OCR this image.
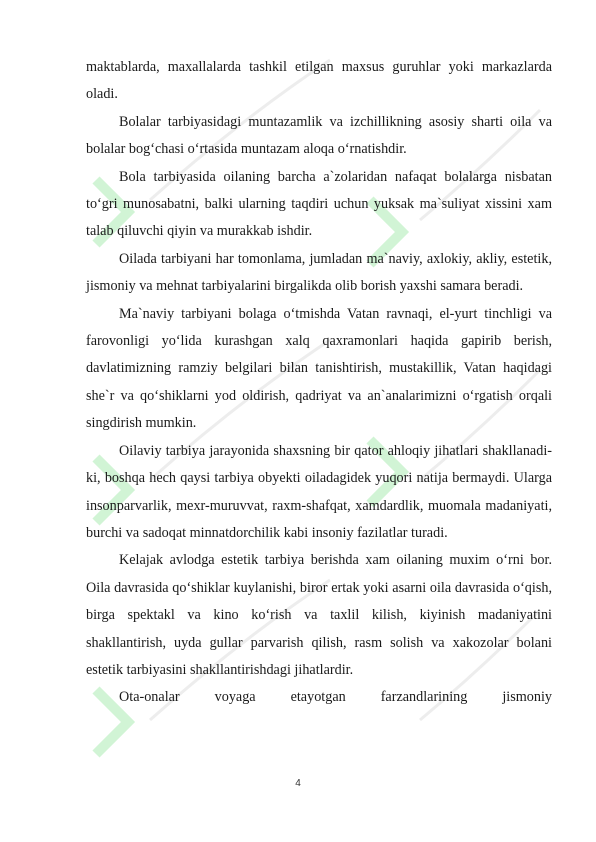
maktablarda, maxallalarda tashkil etilgan maxsus guruhlar yoki markazlarda oladi.

Bolalar tarbiyasidagi muntazamlik va izchillikning asosiy sharti oila va bolalar bog‘chasi o‘rtasida muntazam aloqa o‘rnatishdir.

Bola tarbiyasida oilaning barcha a`zolaridan nafaqat bolalarga nisbatan to‘gri munosabatni, balki ularning taqdiri uchun yuksak ma`suliyat xissini xam talab qiluvchi qiyin va murakkab ishdir.

Oilada tarbiyani har tomonlama, jumladan ma`naviy, axlokiy, akliy, estetik, jismoniy va mehnat tarbiyalarini birgalikda olib borish yaxshi samara beradi.

Ma`naviy tarbiyani bolaga o‘tmishda Vatan ravnaqi, el-yurt tinchligi va farovonligi yo‘lida kurashgan xalq qaxramonlari haqida gapirib berish, davlatimizning ramziy belgilari bilan tanishtirish, mustakillik, Vatan haqidagi she`r va qo‘shiklarni yod oldirish, qadriyat va an`analarimizni o‘rgatish orqali singdirish mumkin.

Oilaviy tarbiya jarayonida shaxsning bir qator ahloqiy jihatlari shakllanadi-ki, boshqa hech qaysi tarbiya obyekti oiladagidek yuqori natija bermaydi. Ularga insonparvarlik, mexr-muruvvat, raxm-shafqat, xamdardlik, muomala madaniyati, burchi va sadoqat minnatdorchilik kabi insoniy fazilatlar turadi.

Kelajak avlodga estetik tarbiya berishda xam oilaning muxim o‘rni bor. Oila davrasida qo‘shiklar kuylanishi, biror ertak yoki asarni oila davrasida o‘qish, birga spektakl va kino ko‘rish va taxlil kilish, kiyinish madaniyatini shakllantirish, uyda gullar parvarish qilish, rasm solish va xakozolar bolani estetik tarbiyasini shakllantirishdagi jihatlardir.

Ota-onalar voyaga etayotgan farzandlarining jismoniy

4
